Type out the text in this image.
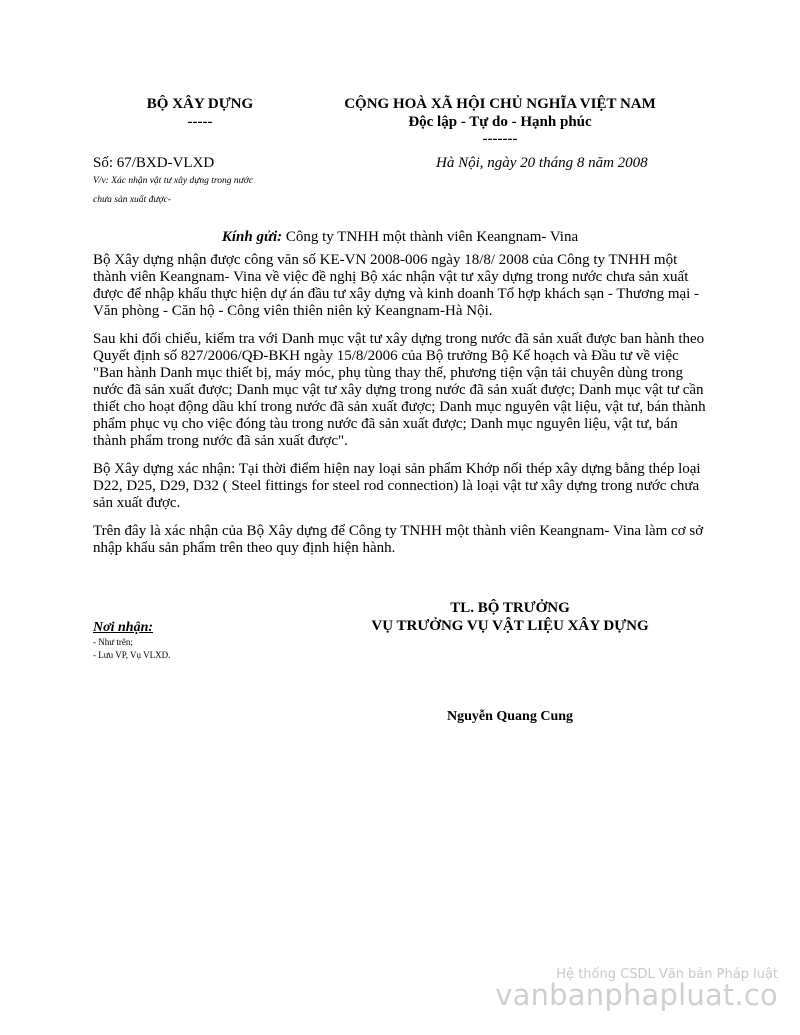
BỘ XÂY DỰNG
-----
CỘNG HOÀ XÃ HỘI CHỦ NGHĨA VIỆT NAM
Độc lập - Tự do - Hạnh phúc
-------
Số: 67/BXD-VLXD	Hà Nội, ngày 20 tháng 8 năm 2008
V/v: Xác nhận vật tư xây dựng trong nước chưa sản xuất được-
Kính gửi: Công ty TNHH một thành viên Keangnam- Vina

Bộ Xây dựng nhận được công văn số KE-VN 2008-006 ngày 18/8/ 2008 của Công ty TNHH một thành viên Keangnam- Vina về việc đề nghị Bộ xác nhận vật tư xây dựng trong nước chưa sản xuất được để nhập khẩu thực hiện dự án đầu tư xây dựng và kinh doanh Tổ hợp khách sạn - Thương mại - Văn phòng - Căn hộ - Công viên thiên niên kỷ Keangnam-Hà Nội.

Sau khi đối chiếu, kiểm tra với Danh mục vật tư xây dựng trong nước đã sản xuất được ban hành theo Quyết định số 827/2006/QĐ-BKH ngày 15/8/2006 của Bộ trưởng Bộ Kế hoạch và Đầu tư về việc "Ban hành Danh mục thiết bị, máy móc, phụ tùng thay thế, phương tiện vận tải chuyên dùng trong nước đã sản xuất được; Danh mục vật tư xây dựng trong nước đã sản xuất được; Danh mục vật tư cần thiết cho hoạt động dầu khí trong nước đã sản xuất được; Danh mục nguyên vật liệu, vật tư, bán thành phẩm phục vụ cho việc đóng tàu trong nước đã sản xuất được; Danh mục nguyên liệu, vật tư, bán thành phẩm trong nước đã sản xuất được".

Bộ Xây dựng xác nhận: Tại thời điểm hiện nay loại sản phẩm Khớp nối thép xây dựng bằng thép loại D22, D25, D29, D32 ( Steel fittings for steel rod connection) là loại vật tư xây dựng trong nước chưa sản xuất được.

Trên đây là xác nhận của Bộ Xây dựng để Công ty TNHH một thành viên Keangnam- Vina làm cơ sở nhập khẩu sản phẩm trên theo quy định hiện hành.

TL. BỘ TRƯỞNG
VỤ TRƯỞNG VỤ VẬT LIỆU XÂY DỰNG
Nguyễn Quang Cung
Nơi nhận:
- Như trên;
- Lưu VP, Vụ VLXD.
Hệ thống CSDL Văn bản Pháp luật
vanbanphapluat.co
